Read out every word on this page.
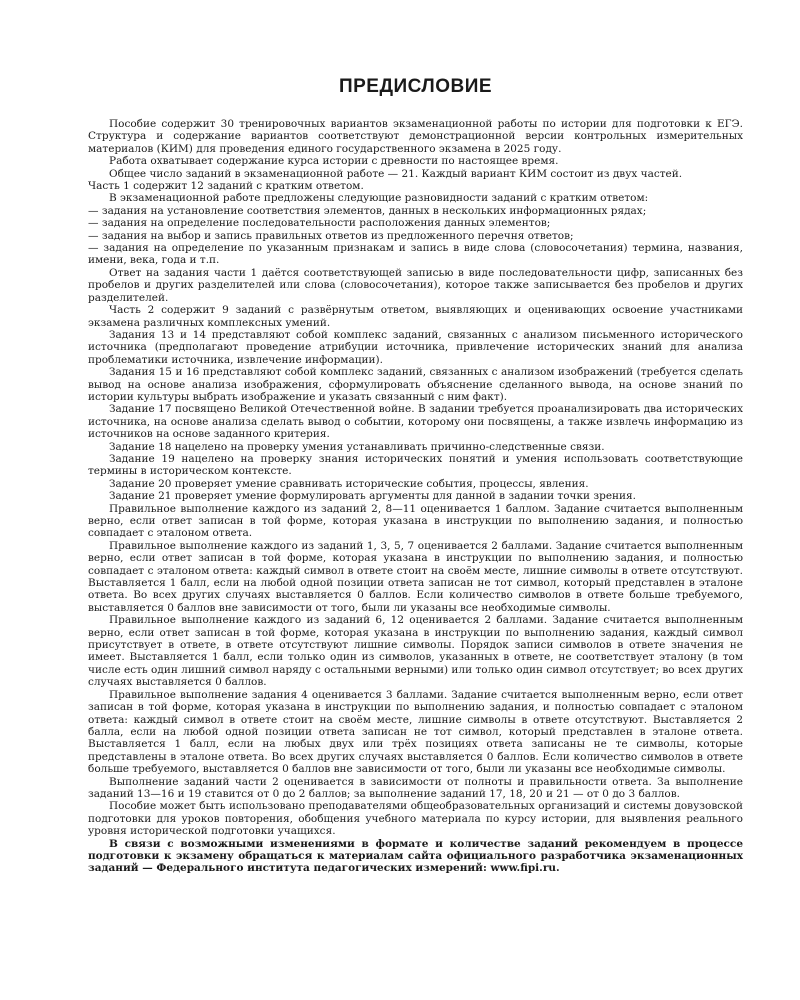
ПРЕДИСЛОВИЕ

Пособие содержит 30 тренировочных вариантов экзаменационной работы по истории для подготовки к ЕГЭ. Структура и содержание вариантов соответствуют демонстрационной версии контрольных измерительных материалов (КИМ) для проведения единого государственного экзамена в 2025 году.

Работа охватывает содержание курса истории с древности по настоящее время.

Общее число заданий в экзаменационной работе — 21. Каждый вариант КИМ состоит из двух частей.

Часть 1 содержит 12 заданий с кратким ответом.

В экзаменационной работе предложены следующие разновидности заданий с кратким ответом:

— задания на установление соответствия элементов, данных в нескольких информационных рядах;

— задания на определение последовательности расположения данных элементов;

— задания на выбор и запись правильных ответов из предложенного перечня ответов;

— задания на определение по указанным признакам и запись в виде слова (словосочетания) термина, названия, имени, века, года и т.п.

Ответ на задания части 1 даётся соответствующей записью в виде последовательности цифр, записанных без пробелов и других разделителей или слова (словосочетания), которое также записывается без пробелов и других разделителей.

Часть 2 содержит 9 заданий с развёрнутым ответом, выявляющих и оценивающих освоение участниками экзамена различных комплексных умений.

Задания 13 и 14 представляют собой комплекс заданий, связанных с анализом письменного исторического источника (предполагают проведение атрибуции источника, привлечение исторических знаний для анализа проблематики источника, извлечение информации).

Задания 15 и 16 представляют собой комплекс заданий, связанных с анализом изображений (требуется сделать вывод на основе анализа изображения, сформулировать объяснение сделанного вывода, на основе знаний по истории культуры выбрать изображение и указать связанный с ним факт).

Задание 17 посвящено Великой Отечественной войне. В задании требуется проанализировать два исторических источника, на основе анализа сделать вывод о событии, которому они посвящены, а также извлечь информацию из источников на основе заданного критерия.

Задание 18 нацелено на проверку умения устанавливать причинно-следственные связи.

Задание 19 нацелено на проверку знания исторических понятий и умения использовать соответствующие термины в историческом контексте.

Задание 20 проверяет умение сравнивать исторические события, процессы, явления.

Задание 21 проверяет умение формулировать аргументы для данной в задании точки зрения.

Правильное выполнение каждого из заданий 2, 8—11 оценивается 1 баллом. Задание считается выполненным верно, если ответ записан в той форме, которая указана в инструкции по выполнению задания, и полностью совпадает с эталоном ответа.

Правильное выполнение каждого из заданий 1, 3, 5, 7 оценивается 2 баллами. Задание считается выполненным верно, если ответ записан в той форме, которая указана в инструкции по выполнению задания, и полностью совпадает с эталоном ответа: каждый символ в ответе стоит на своём месте, лишние символы в ответе отсутствуют. Выставляется 1 балл, если на любой одной позиции ответа записан не тот символ, который представлен в эталоне ответа. Во всех других случаях выставляется 0 баллов. Если количество символов в ответе больше требуемого, выставляется 0 баллов вне зависимости от того, были ли указаны все необходимые символы.

Правильное выполнение каждого из заданий 6, 12 оценивается 2 баллами. Задание считается выполненным верно, если ответ записан в той форме, которая указана в инструкции по выполнению задания, каждый символ присутствует в ответе, в ответе отсутствуют лишние символы. Порядок записи символов в ответе значения не имеет. Выставляется 1 балл, если только один из символов, указанных в ответе, не соответствует эталону (в том числе есть один лишний символ наряду с остальными верными) или только один символ отсутствует; во всех других случаях выставляется 0 баллов.

Правильное выполнение задания 4 оценивается 3 баллами. Задание считается выполненным верно, если ответ записан в той форме, которая указана в инструкции по выполнению задания, и полностью совпадает с эталоном ответа: каждый символ в ответе стоит на своём месте, лишние символы в ответе отсутствуют. Выставляется 2 балла, если на любой одной позиции ответа записан не тот символ, который представлен в эталоне ответа. Выставляется 1 балл, если на любых двух или трёх позициях ответа записаны не те символы, которые представлены в эталоне ответа. Во всех других случаях выставляется 0 баллов. Если количество символов в ответе больше требуемого, выставляется 0 баллов вне зависимости от того, были ли указаны все необходимые символы.

Выполнение заданий части 2 оценивается в зависимости от полноты и правильности ответа. За выполнение заданий 13—16 и 19 ставится от 0 до 2 баллов; за выполнение заданий 17, 18, 20 и 21 — от 0 до 3 баллов.

Пособие может быть использовано преподавателями общеобразовательных организаций и системы довузовской подготовки для уроков повторения, обобщения учебного материала по курсу истории, для выявления реального уровня исторической подготовки учащихся.

В связи с возможными изменениями в формате и количестве заданий рекомендуем в процессе подготовки к экзамену обращаться к материалам сайта официального разработчика экзаменационных заданий — Федерального института педагогических измерений: www.fipi.ru.
